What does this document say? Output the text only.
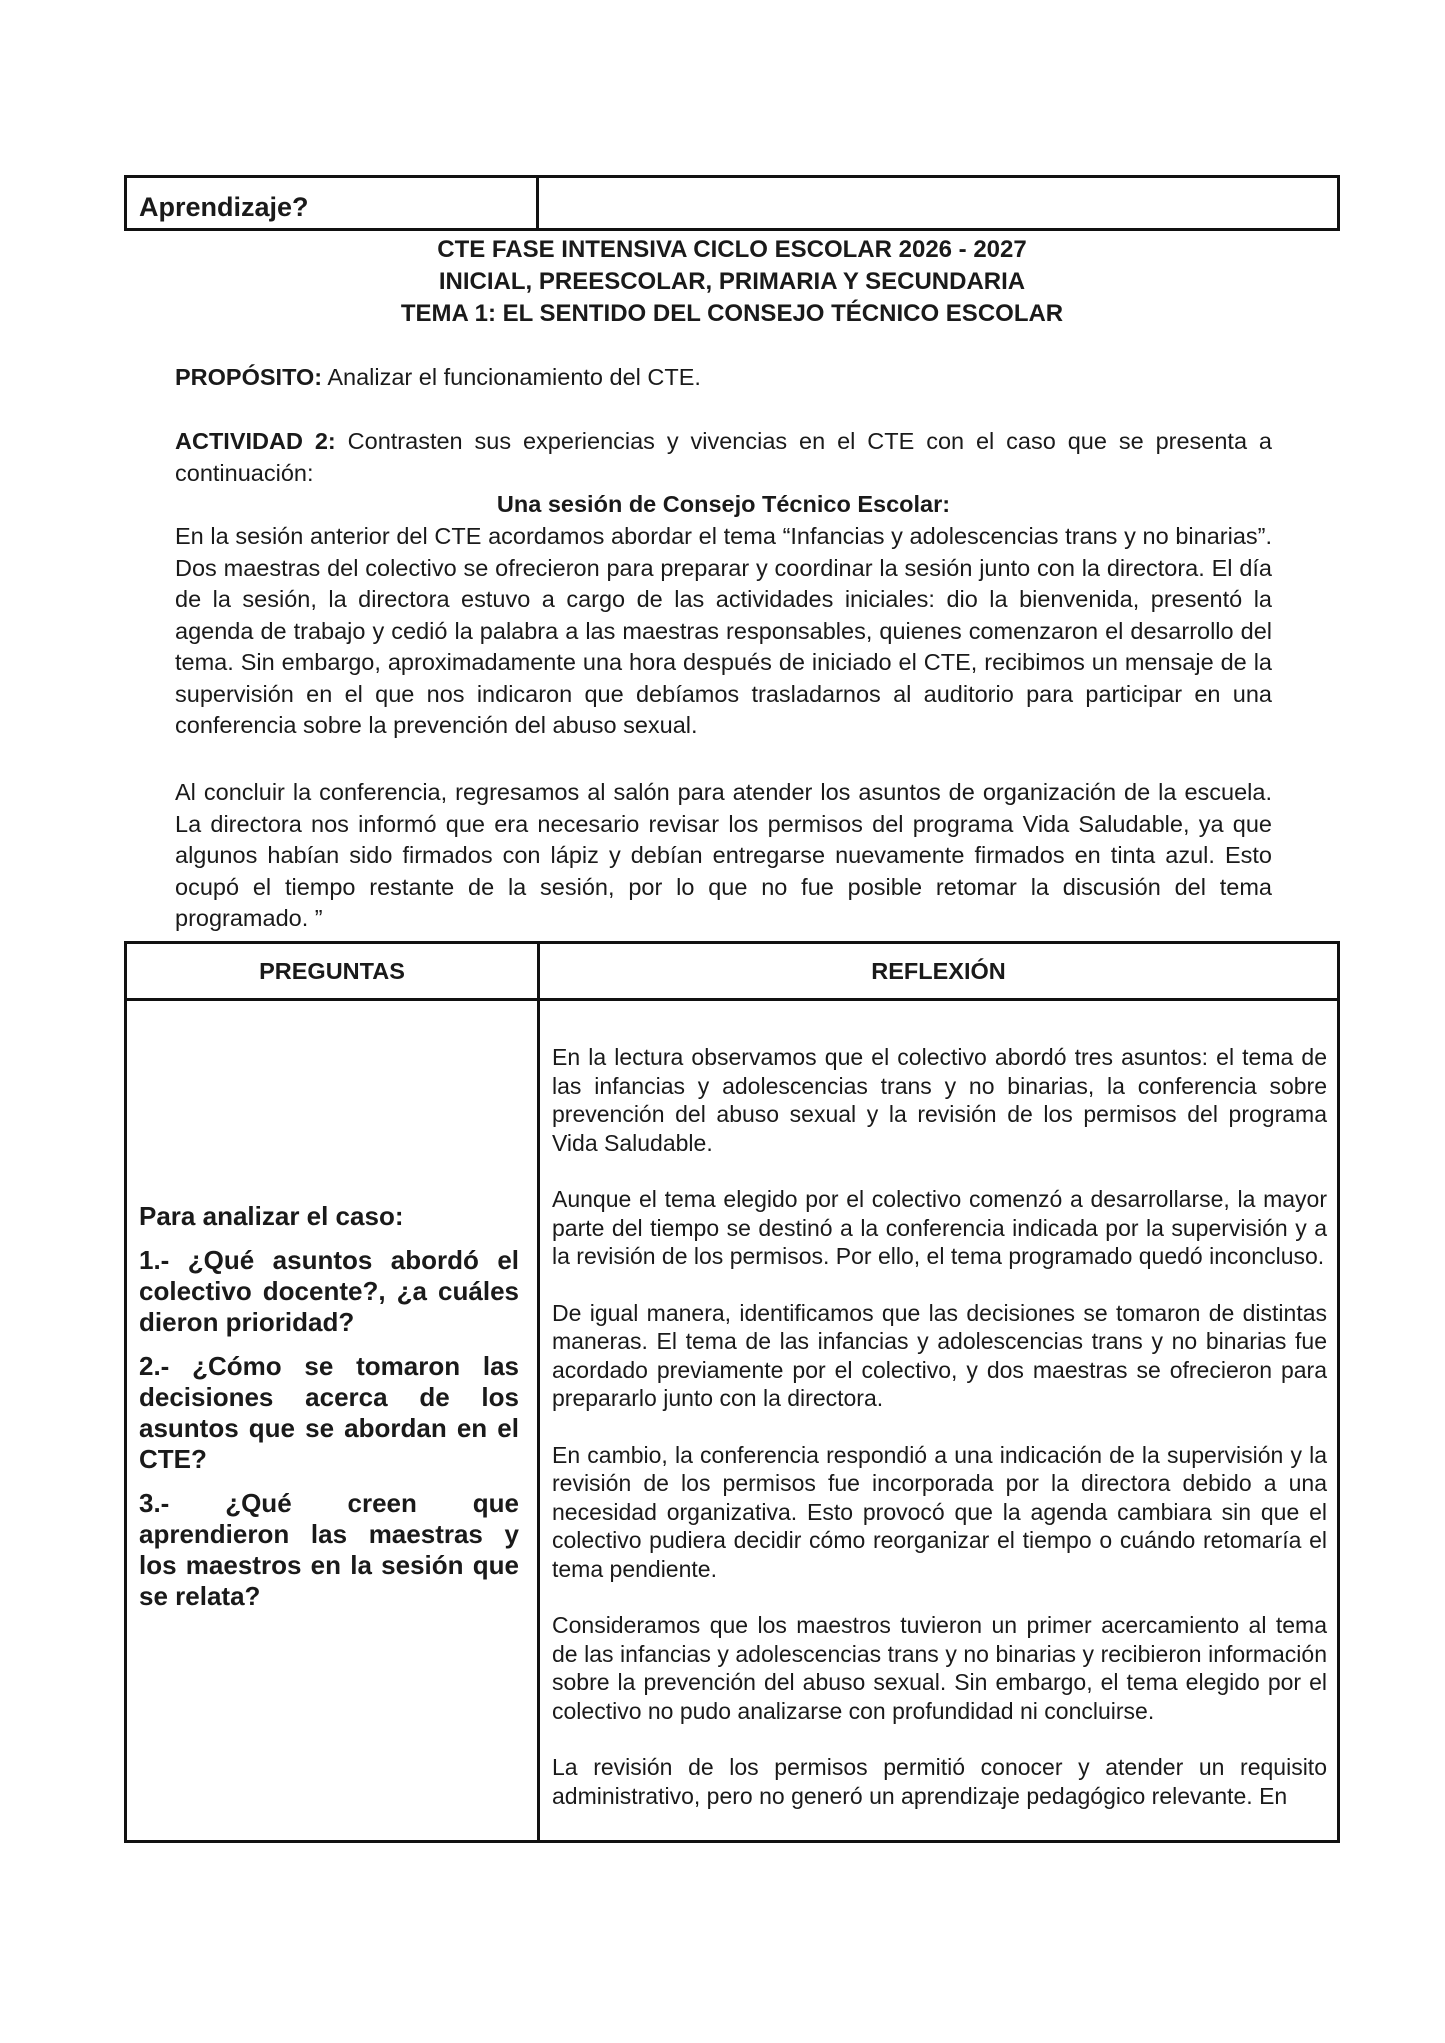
Aprendizaje?
CTE FASE INTENSIVA CICLO ESCOLAR 2026 - 2027
INICIAL, PREESCOLAR, PRIMARIA Y SECUNDARIA
TEMA 1: EL SENTIDO DEL CONSEJO TÉCNICO ESCOLAR
PROPÓSITO: Analizar el funcionamiento del CTE.
ACTIVIDAD 2: Contrasten sus experiencias y vivencias en el CTE con el caso que se presenta a continuación:
Una sesión de Consejo Técnico Escolar:
En la sesión anterior del CTE acordamos abordar el tema “Infancias y adolescencias trans y no binarias”. Dos maestras del colectivo se ofrecieron para preparar y coordinar la sesión junto con la directora. El día de la sesión, la directora estuvo a cargo de las actividades iniciales: dio la bienvenida, presentó la agenda de trabajo y cedió la palabra a las maestras responsables, quienes comenzaron el desarrollo del tema. Sin embargo, aproximadamente una hora después de iniciado el CTE, recibimos un mensaje de la supervisión en el que nos indicaron que debíamos trasladarnos al auditorio para participar en una conferencia sobre la prevención del abuso sexual.
Al concluir la conferencia, regresamos al salón para atender los asuntos de organización de la escuela. La directora nos informó que era necesario revisar los permisos del programa Vida Saludable, ya que algunos habían sido firmados con lápiz y debían entregarse nuevamente firmados en tinta azul. Esto ocupó el tiempo restante de la sesión, por lo que no fue posible retomar la discusión del tema programado. ”
PREGUNTAS	REFLEXIÓN

Para analizar el caso:

1.- ¿Qué asuntos abordó el colectivo docente?, ¿a cuáles dieron prioridad?

2.- ¿Cómo se tomaron las decisiones acerca de los asuntos que se abordan en el CTE?

3.- ¿Qué creen que aprendieron las maestras y los maestros en la sesión que se relata?

En la lectura observamos que el colectivo abordó tres asuntos: el tema de las infancias y adolescencias trans y no binarias, la conferencia sobre prevención del abuso sexual y la revisión de los permisos del programa Vida Saludable.

Aunque el tema elegido por el colectivo comenzó a desarrollarse, la mayor parte del tiempo se destinó a la conferencia indicada por la supervisión y a la revisión de los permisos. Por ello, el tema programado quedó inconcluso.

De igual manera, identificamos que las decisiones se tomaron de distintas maneras. El tema de las infancias y adolescencias trans y no binarias fue acordado previamente por el colectivo, y dos maestras se ofrecieron para prepararlo junto con la directora.

En cambio, la conferencia respondió a una indicación de la supervisión y la revisión de los permisos fue incorporada por la directora debido a una necesidad organizativa. Esto provocó que la agenda cambiara sin que el colectivo pudiera decidir cómo reorganizar el tiempo o cuándo retomaría el tema pendiente.

Consideramos que los maestros tuvieron un primer acercamiento al tema de las infancias y adolescencias trans y no binarias y recibieron información sobre la prevención del abuso sexual. Sin embargo, el tema elegido por el colectivo no pudo analizarse con profundidad ni concluirse.

La revisión de los permisos permitió conocer y atender un requisito administrativo, pero no generó un aprendizaje pedagógico relevante. En
